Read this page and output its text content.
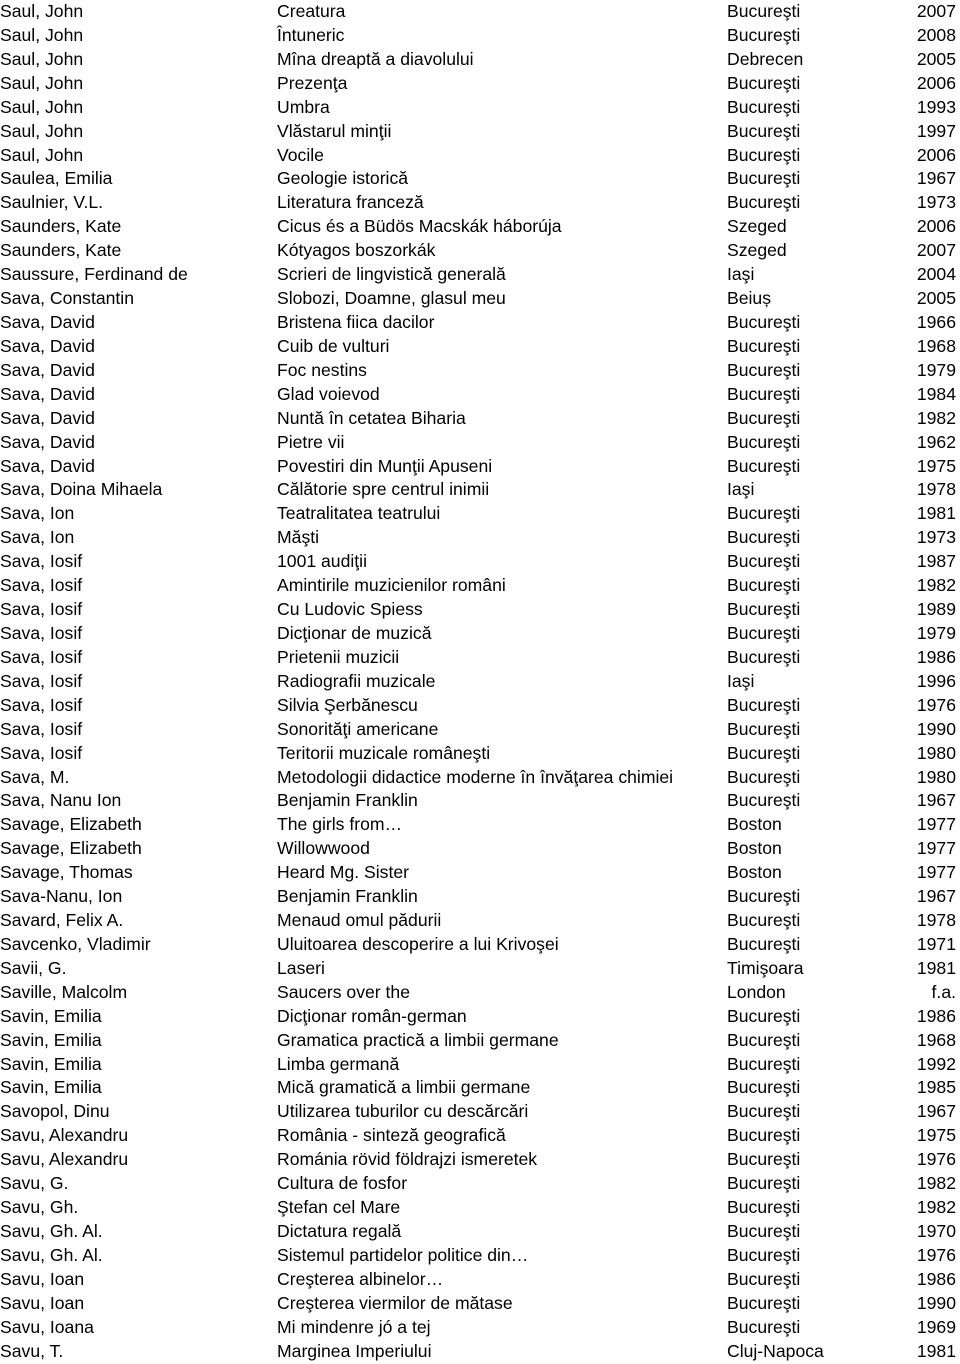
Saul, John	Creatura	Bucureşti	2007
Saul, John	Întuneric	Bucureşti	2008
Saul, John	Mîna dreaptă a diavolului	Debrecen	2005
Saul, John	Prezenţa	Bucureşti	2006
Saul, John	Umbra	Bucureşti	1993
Saul, John	Vlăstarul minţii	Bucureşti	1997
Saul, John	Vocile	Bucureşti	2006
Saulea, Emilia	Geologie istorică	Bucureşti	1967
Saulnier, V.L.	Literatura franceză	Bucureşti	1973
Saunders, Kate	Cicus és a Büdös Macskák háborúja	Szeged	2006
Saunders, Kate	Kótyagos boszorkák	Szeged	2007
Saussure, Ferdinand de	Scrieri de lingvistică generală	Iaşi	2004
Sava, Constantin	Slobozi, Doamne, glasul meu	Beiuș	2005
Sava, David	Bristena fiica dacilor	Bucureşti	1966
Sava, David	Cuib de vulturi	Bucureşti	1968
Sava, David	Foc nestins	Bucureşti	1979
Sava, David	Glad voievod	Bucureşti	1984
Sava, David	Nuntă în cetatea Biharia	Bucureşti	1982
Sava, David	Pietre vii	Bucureşti	1962
Sava, David	Povestiri din Munţii Apuseni	Bucureşti	1975
Sava, Doina Mihaela	Călătorie spre centrul inimii	Iaşi	1978
Sava, Ion	Teatralitatea teatrului	Bucureşti	1981
Sava, Ion	Măşti	Bucureşti	1973
Sava, Iosif	1001 audiţii	Bucureşti	1987
Sava, Iosif	Amintirile muzicienilor români	Bucureşti	1982
Sava, Iosif	Cu Ludovic Spiess	Bucureşti	1989
Sava, Iosif	Dicţionar de muzică	Bucureşti	1979
Sava, Iosif	Prietenii muzicii	Bucureşti	1986
Sava, Iosif	Radiografii muzicale	Iaşi	1996
Sava, Iosif	Silvia Şerbănescu	Bucureşti	1976
Sava, Iosif	Sonorităţi americane	Bucureşti	1990
Sava, Iosif	Teritorii muzicale româneşti	Bucureşti	1980
Sava, M.	Metodologii didactice moderne în învăţarea chimiei	Bucureşti	1980
Sava, Nanu Ion	Benjamin Franklin	Bucureşti	1967
Savage, Elizabeth	The girls from…	Boston	1977
Savage, Elizabeth	Willowwood	Boston	1977
Savage, Thomas	Heard Mg. Sister	Boston	1977
Sava-Nanu, Ion	Benjamin Franklin	Bucureşti	1967
Savard, Felix A.	Menaud omul pădurii	Bucureşti	1978
Savcenko, Vladimir	Uluitoarea descoperire a lui Krivoşei	Bucureşti	1971
Savii, G.	Laseri	Timişoara	1981
Saville, Malcolm	Saucers over the	London	f.a.
Savin, Emilia	Dicţionar român-german	Bucureşti	1986
Savin, Emilia	Gramatica practică a limbii germane	Bucureşti	1968
Savin, Emilia	Limba germană	Bucureşti	1992
Savin, Emilia	Mică gramatică a limbii germane	Bucureşti	1985
Savopol, Dinu	Utilizarea tuburilor cu descărcări	Bucureşti	1967
Savu, Alexandru	România - sinteză geografică	Bucureşti	1975
Savu, Alexandru	Románia rövid földrajzi ismeretek	Bucureşti	1976
Savu, G.	Cultura de fosfor	Bucureşti	1982
Savu, Gh.	Ştefan cel Mare	Bucureşti	1982
Savu, Gh. Al.	Dictatura regală	Bucureşti	1970
Savu, Gh. Al.	Sistemul partidelor politice din…	Bucureşti	1976
Savu, Ioan	Creşterea albinelor…	Bucureşti	1986
Savu, Ioan	Creşterea viermilor de mătase	Bucureşti	1990
Savu, Ioana	Mi mindenre jó a tej	Bucureşti	1969
Savu, T.	Marginea Imperiului	Cluj-Napoca	1981
